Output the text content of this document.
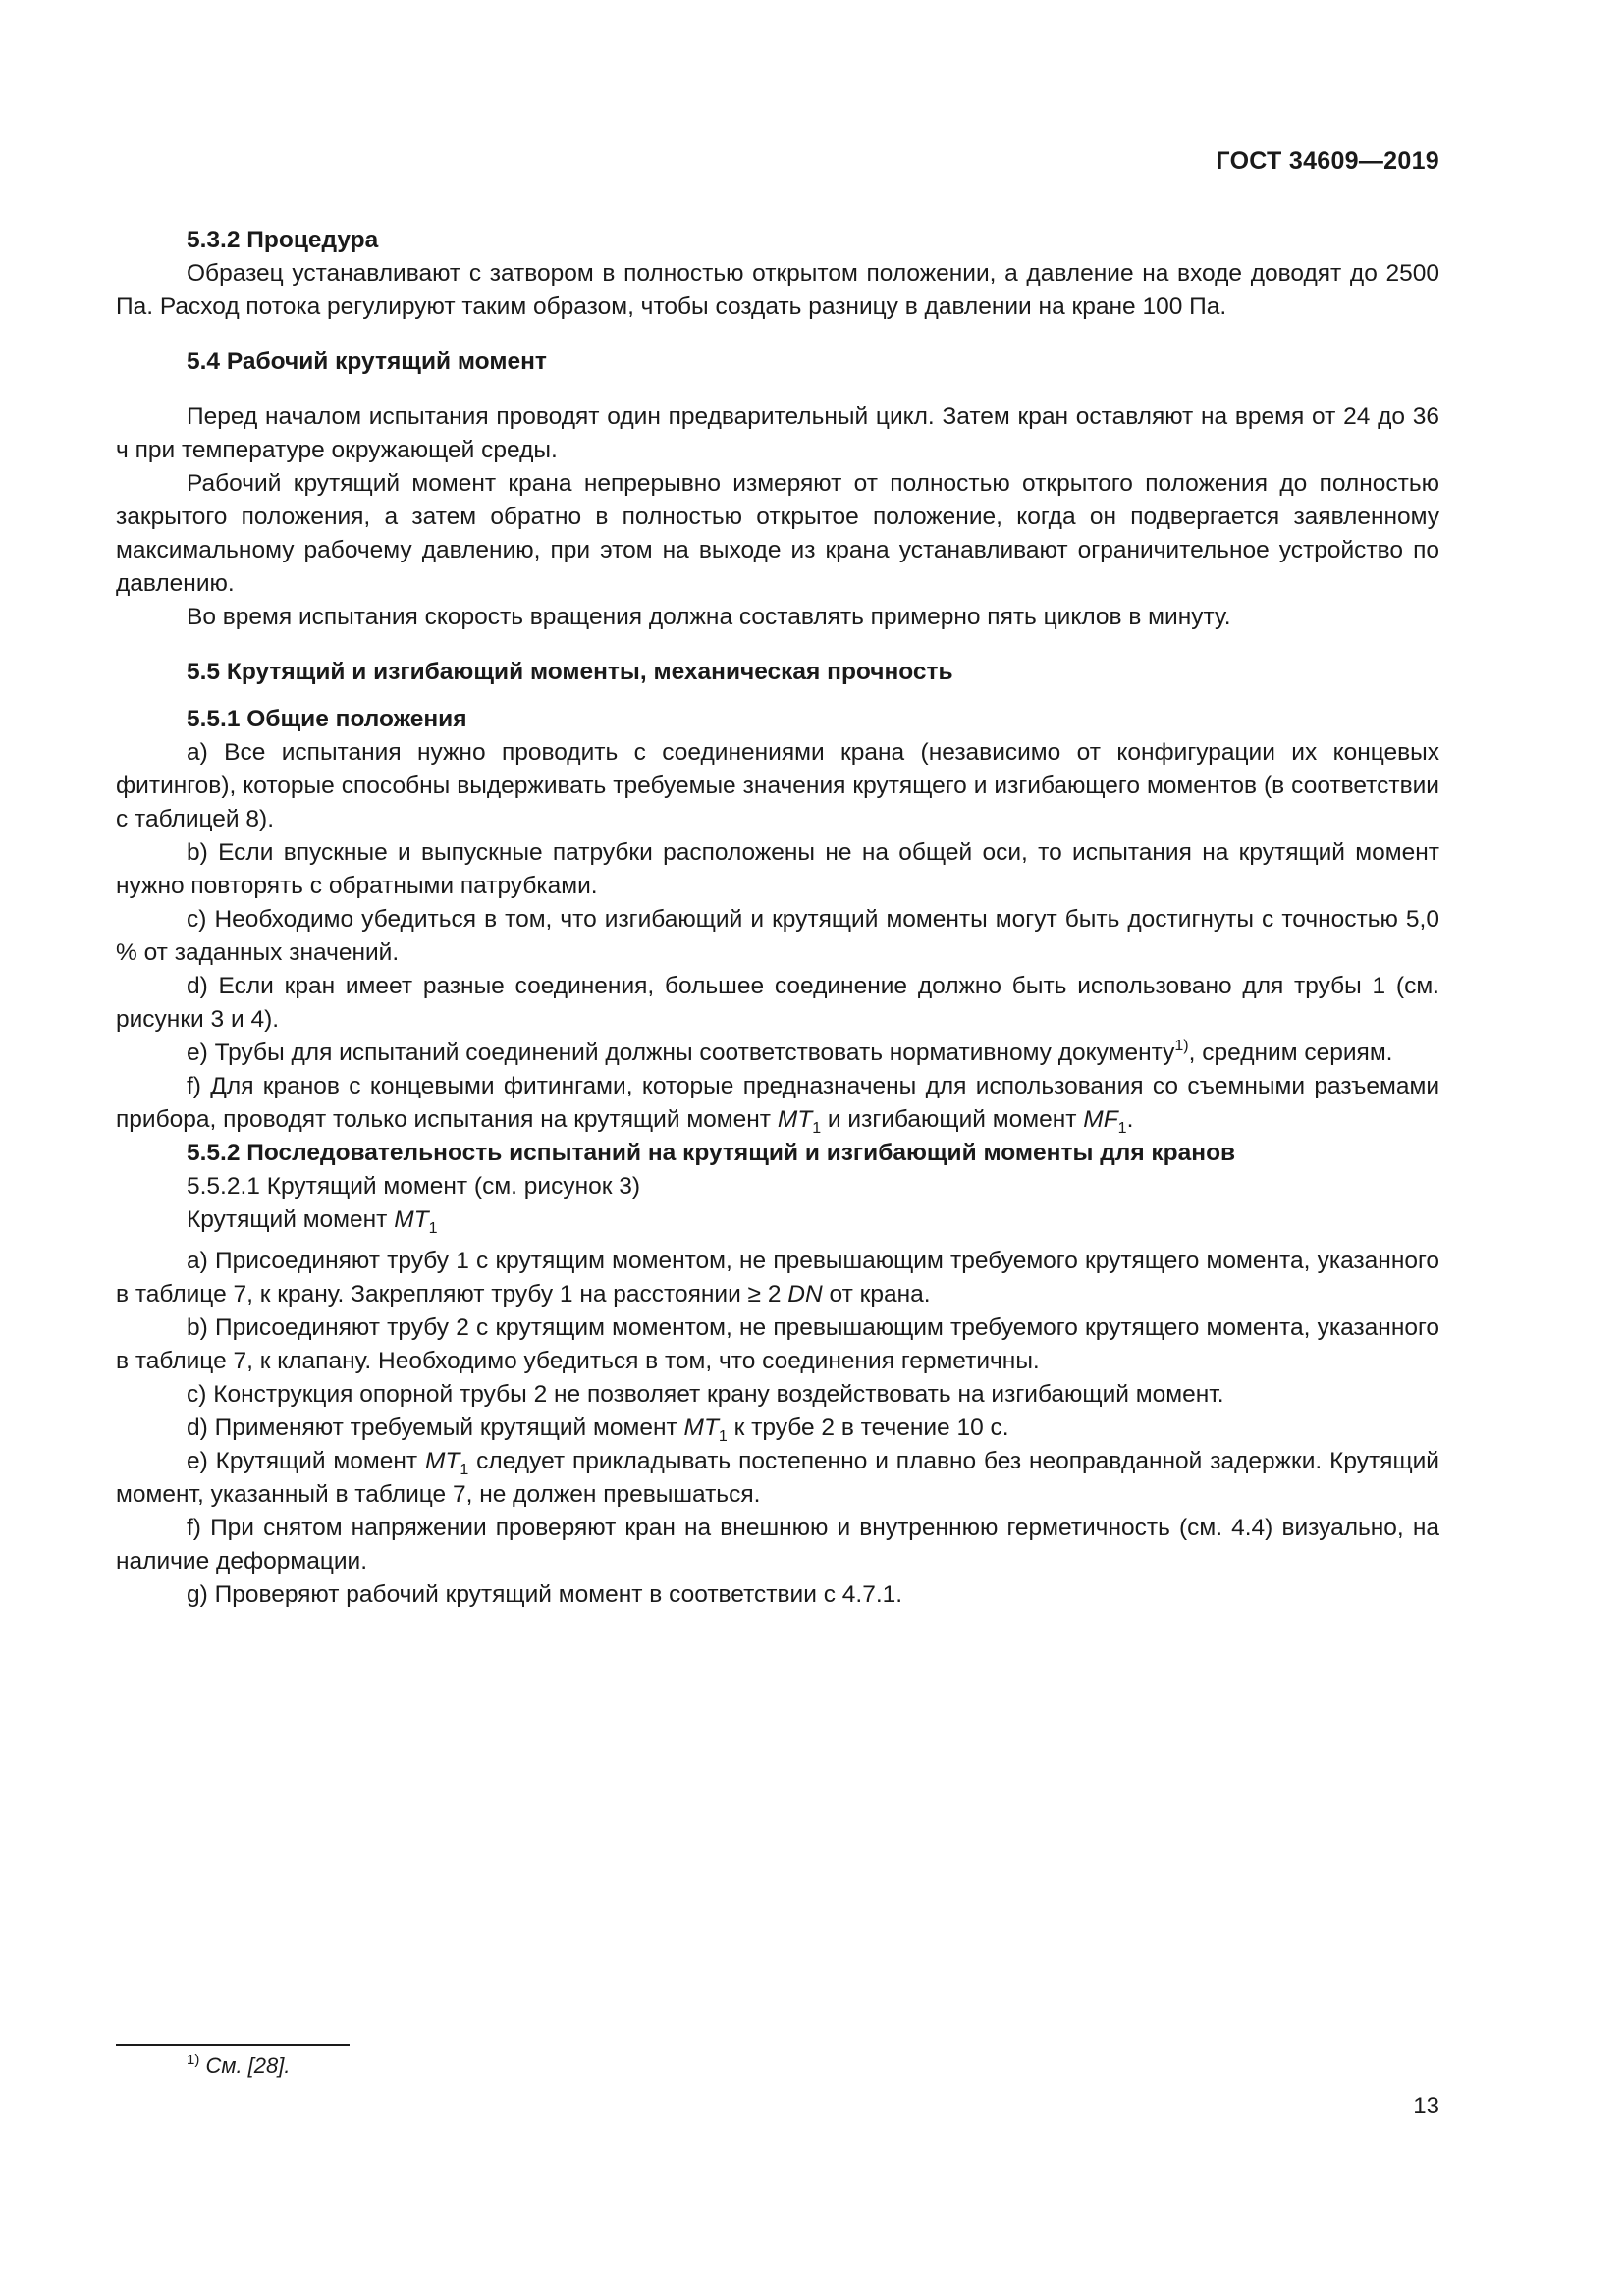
ГОСТ 34609—2019

5.3.2 Процедура

Образец устанавливают с затвором в полностью открытом положении, а давление на входе доводят до 2500 Па. Расход потока регулируют таким образом, чтобы создать разницу в давлении на кране 100 Па.

5.4 Рабочий крутящий момент

Перед началом испытания проводят один предварительный цикл. Затем кран оставляют на время от 24 до 36 ч при температуре окружающей среды.

Рабочий крутящий момент крана непрерывно измеряют от полностью открытого положения до полностью закрытого положения, а затем обратно в полностью открытое положение, когда он подвергается заявленному максимальному рабочему давлению, при этом на выходе из крана устанавливают ограничительное устройство по давлению.

Во время испытания скорость вращения должна составлять примерно пять циклов в минуту.

5.5 Крутящий и изгибающий моменты, механическая прочность

5.5.1 Общие положения

а) Все испытания нужно проводить с соединениями крана (независимо от конфигурации их концевых фитингов), которые способны выдерживать требуемые значения крутящего и изгибающего моментов (в соответствии с таблицей 8).

b) Если впускные и выпускные патрубки расположены не на общей оси, то испытания на крутящий момент нужно повторять с обратными патрубками.

с) Необходимо убедиться в том, что изгибающий и крутящий моменты могут быть достигнуты с точностью 5,0 % от заданных значений.

d) Если кран имеет разные соединения, большее соединение должно быть использовано для трубы 1 (см. рисунки 3 и 4).

е) Трубы для испытаний соединений должны соответствовать нормативному документу$^{1)}$, средним сериям.

f) Для кранов с концевыми фитингами, которые предназначены для использования со съемными разъемами прибора, проводят только испытания на крутящий момент $MT_1$ и изгибающий момент $MF_1$.

5.5.2 Последовательность испытаний на крутящий и изгибающий моменты для кранов

5.5.2.1 Крутящий момент (см. рисунок 3)

Крутящий момент $MT_1$

а) Присоединяют трубу 1 с крутящим моментом, не превышающим требуемого крутящего момента, указанного в таблице 7, к крану. Закрепляют трубу 1 на расстоянии ≥ 2 DN от крана.

b) Присоединяют трубу 2 с крутящим моментом, не превышающим требуемого крутящего момента, указанного в таблице 7, к клапану. Необходимо убедиться в том, что соединения герметичны.

с) Конструкция опорной трубы 2 не позволяет крану воздействовать на изгибающий момент.

d) Применяют требуемый крутящий момент $MT_1$ к трубе 2 в течение 10 с.

е) Крутящий момент $MT_1$ следует прикладывать постепенно и плавно без неоправданной задержки. Крутящий момент, указанный в таблице 7, не должен превышаться.

f) При снятом напряжении проверяют кран на внешнюю и внутреннюю герметичность (см. 4.4) визуально, на наличие деформации.

g) Проверяют рабочий крутящий момент в соответствии с 4.7.1.

$^{1)}$ См. [28].
13
